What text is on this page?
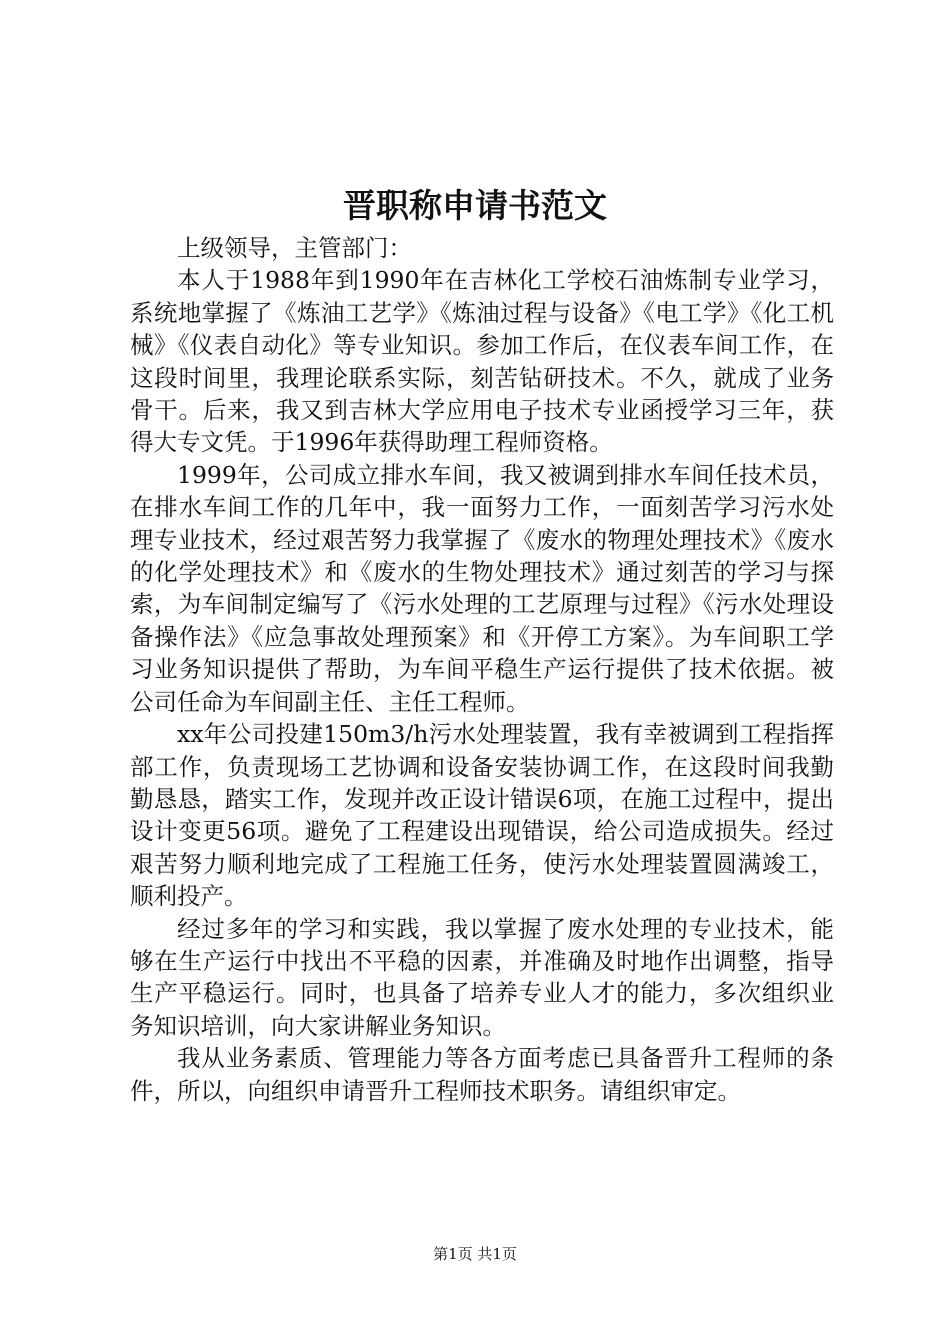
晋职称申请书范文

上级领导，主管部门：

本人于1988年到1990年在吉林化工学校石油炼制专业学习，系统地掌握了《炼油工艺学》《炼油过程与设备》《电工学》《化工机械》《仪表自动化》等专业知识。参加工作后，在仪表车间工作，在这段时间里，我理论联系实际，刻苦钻研技术。不久，就成了业务骨干。后来，我又到吉林大学应用电子技术专业函授学习三年，获得大专文凭。于1996年获得助理工程师资格。

1999年，公司成立排水车间，我又被调到排水车间任技术员，在排水车间工作的几年中，我一面努力工作，一面刻苦学习污水处理专业技术，经过艰苦努力我掌握了《废水的物理处理技术》《废水的化学处理技术》和《废水的生物处理技术》通过刻苦的学习与探索，为车间制定编写了《污水处理的工艺原理与过程》《污水处理设备操作法》《应急事故处理预案》和《开停工方案》。为车间职工学习业务知识提供了帮助，为车间平稳生产运行提供了技术依据。被公司任命为车间副主任、主任工程师。

xx年公司投建150m3/h污水处理装置，我有幸被调到工程指挥部工作，负责现场工艺协调和设备安装协调工作，在这段时间我勤勤恳恳，踏实工作，发现并改正设计错误6项，在施工过程中，提出设计变更56项。避免了工程建设出现错误，给公司造成损失。经过艰苦努力顺利地完成了工程施工任务，使污水处理装置圆满竣工，顺利投产。

经过多年的学习和实践，我以掌握了废水处理的专业技术，能够在生产运行中找出不平稳的因素，并准确及时地作出调整，指导生产平稳运行。同时，也具备了培养专业人才的能力，多次组织业务知识培训，向大家讲解业务知识。

我从业务素质、管理能力等各方面考虑已具备晋升工程师的条件，所以，向组织申请晋升工程师技术职务。请组织审定。

第1页 共1页
